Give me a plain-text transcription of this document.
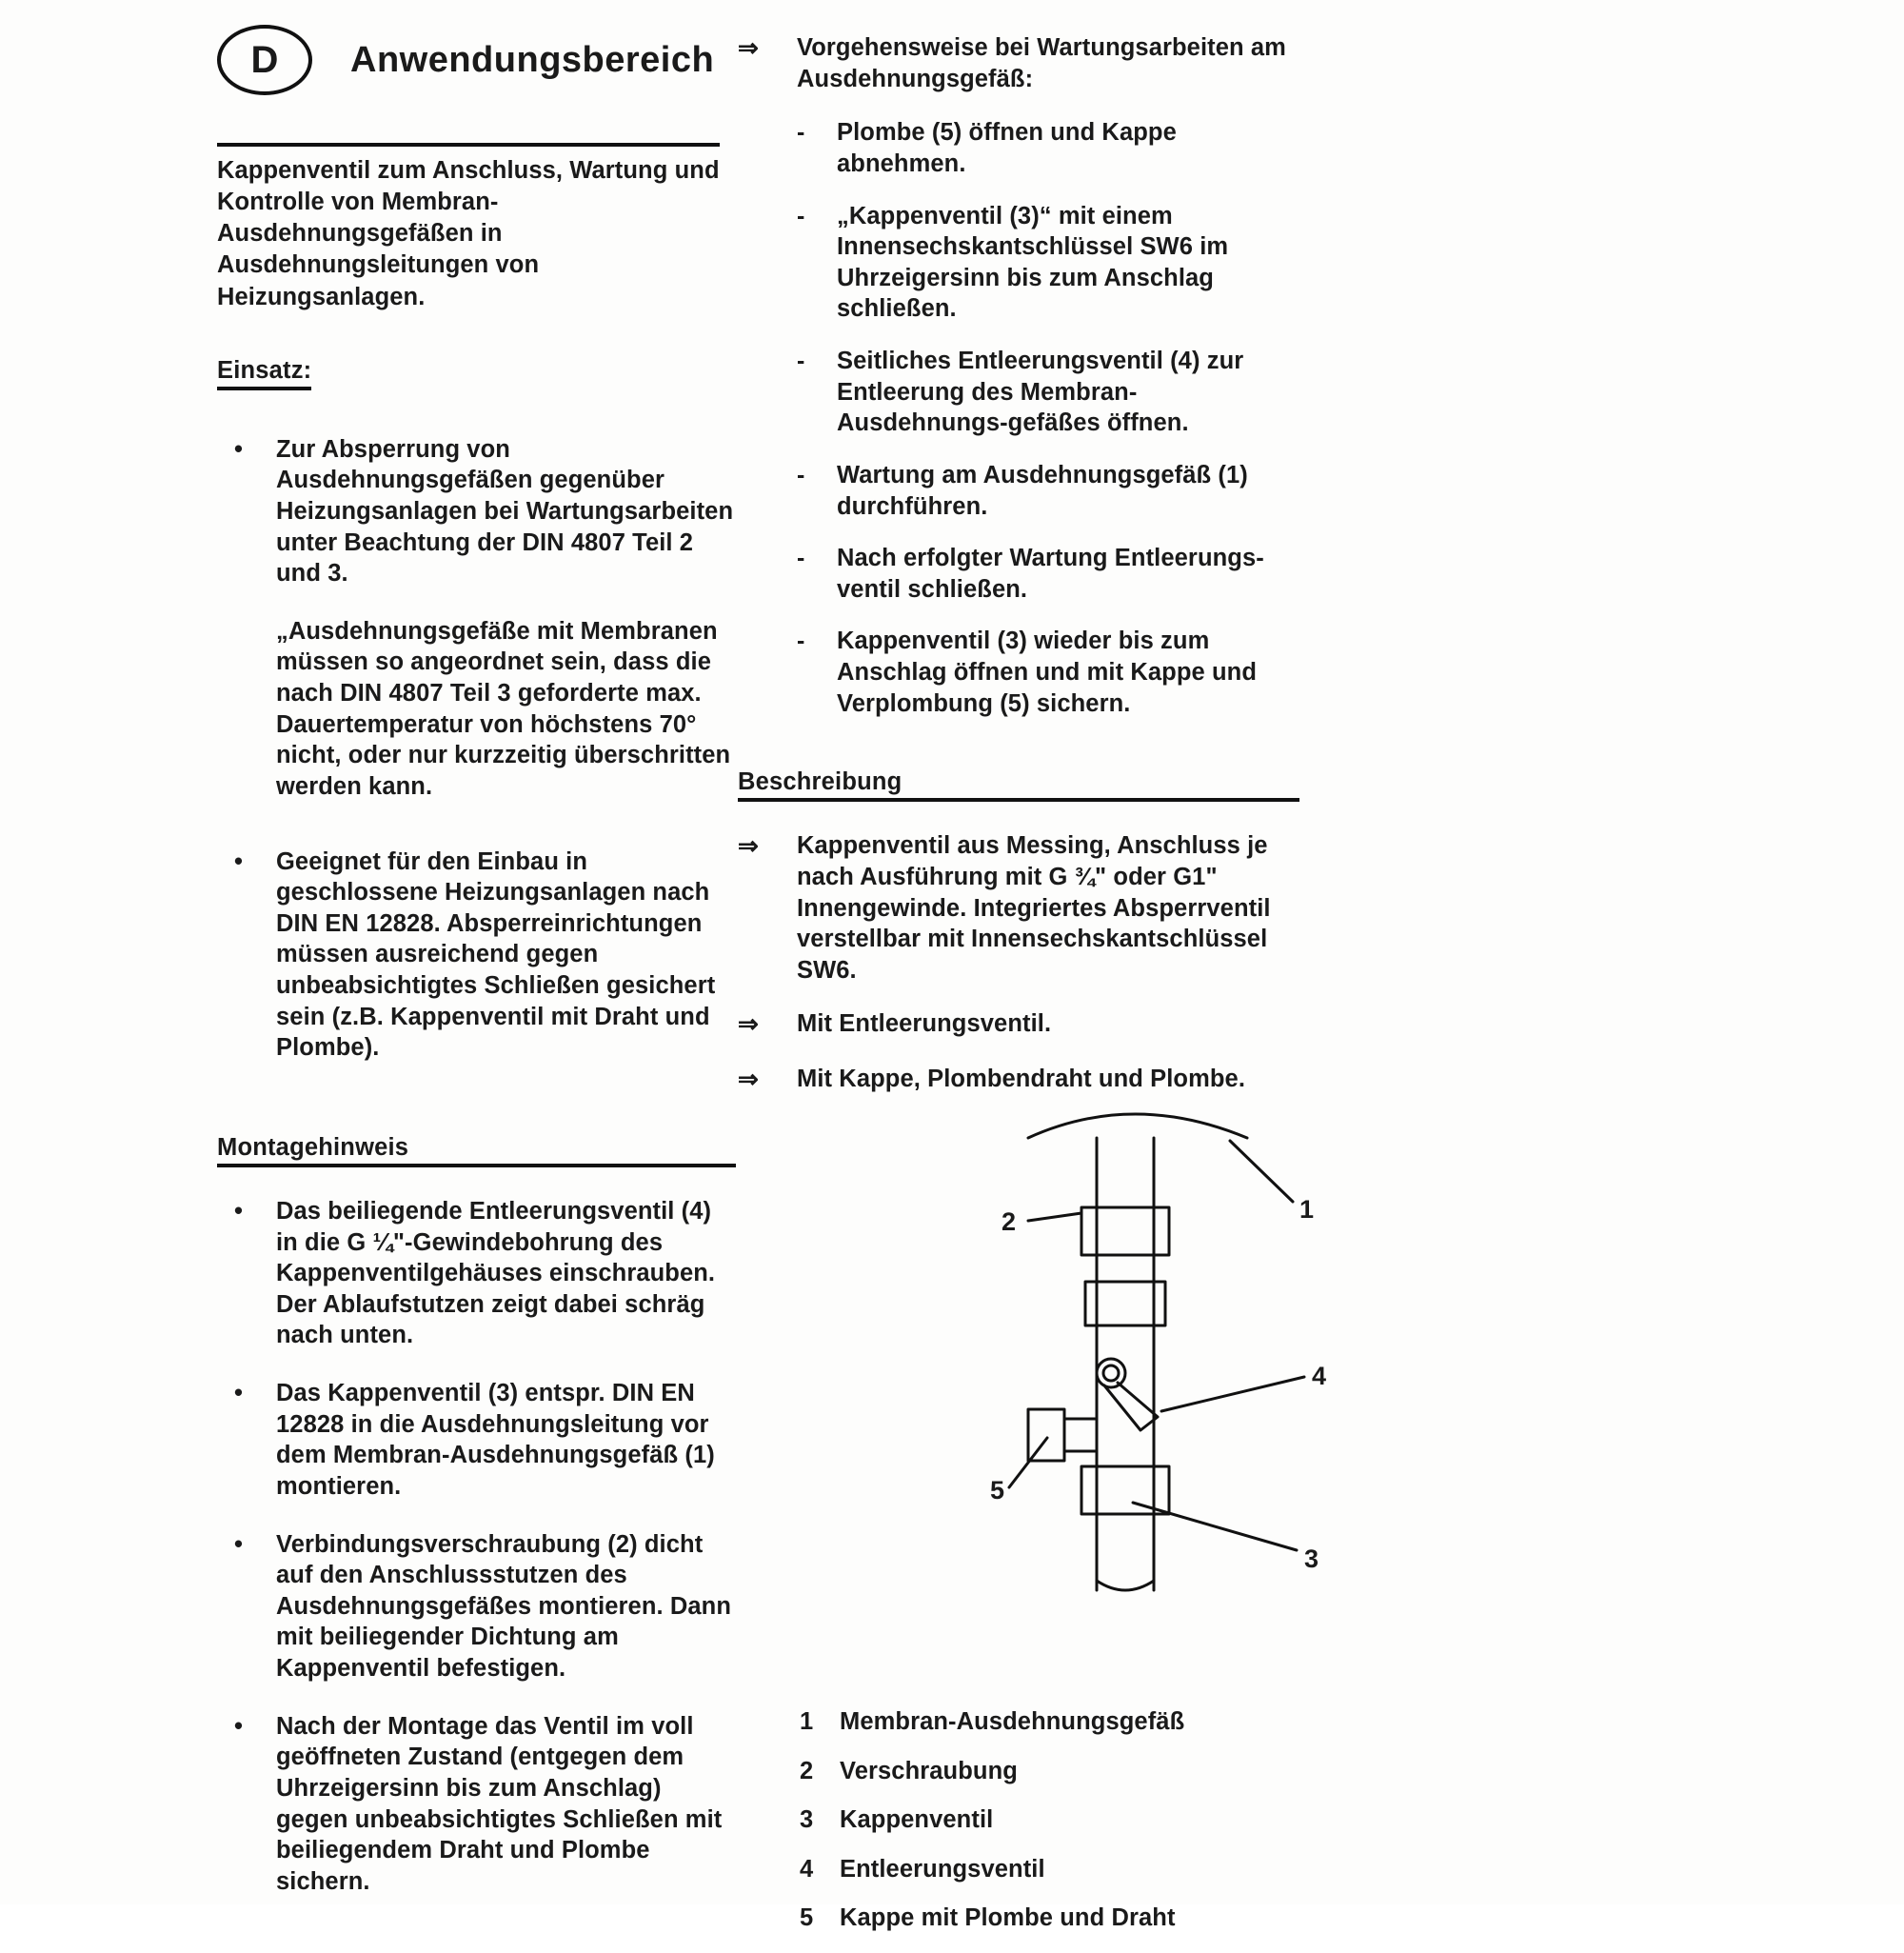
D Anwendungsbereich
Kappenventil zum Anschluss, Wartung und Kontrolle von Membran-Ausdehnungsgefäßen in Ausdehnungsleitungen von Heizungsanlagen.
Einsatz:
•	Zur Absperrung von Ausdehnungsgefäßen gegenüber Heizungsanlagen bei Wartungsarbeiten unter Beachtung der DIN 4807 Teil 2 und 3.
„Ausdehnungsgefäße mit Membranen müssen so angeordnet sein, dass die nach DIN 4807 Teil 3 geforderte max. Dauertemperatur von höchstens 70° nicht, oder nur kurzzeitig überschritten werden kann.
•	Geeignet für den Einbau in geschlossene Heizungsanlagen nach DIN EN 12828. Absperreinrichtungen müssen ausreichend gegen unbeabsichtigtes Schließen gesichert sein (z.B. Kappenventil mit Draht und Plombe).
Montagehinweis
•	Das beiliegende Entleerungsventil (4) in die G ¼"-Gewindebohrung des Kappenventilgehäuses einschrauben. Der Ablaufstutzen zeigt dabei schräg nach unten.
•	Das Kappenventil (3) entspr. DIN EN 12828 in die Ausdehnungsleitung vor dem Membran-Ausdehnungsgefäß (1) montieren.
•	Verbindungsverschraubung (2) dicht auf den Anschlussstutzen des Ausdehnungsgefäßes montieren. Dann mit beiliegender Dichtung am Kappenventil befestigen.
•	Nach der Montage das Ventil im voll geöffneten Zustand (entgegen dem Uhrzeigersinn bis zum Anschlag) gegen unbeabsichtigtes Schließen mit beiliegendem Draht und Plombe sichern.
⇒	Vorgehensweise bei Wartungsarbeiten am Ausdehnungsgefäß:
-	Plombe (5) öffnen und Kappe abnehmen.
-	„Kappenventil (3)“ mit einem Innensechskantschlüssel SW6 im Uhrzeigersinn bis zum Anschlag schließen.
-	Seitliches Entleerungsventil (4) zur Entleerung des Membran-Ausdehnungs-gefäßes öffnen.
-	Wartung am Ausdehnungsgefäß (1) durchführen.
-	Nach erfolgter Wartung Entleerungs-ventil schließen.
-	Kappenventil (3) wieder bis zum Anschlag öffnen und mit Kappe und Verplombung (5) sichern.
Beschreibung
⇒	Kappenventil aus Messing, Anschluss je nach Ausführung mit G ¾" oder G1" Innengewinde. Integriertes Absperrventil verstellbar mit Innensechskantschlüssel SW6.
⇒	Mit Entleerungsventil.
⇒	Mit Kappe, Plombendraht und Plombe.
1
2
3
4
5
1	Membran-Ausdehnungsgefäß
2	Verschraubung
3	Kappenventil
4	Entleerungsventil
5	Kappe mit Plombe und Draht
